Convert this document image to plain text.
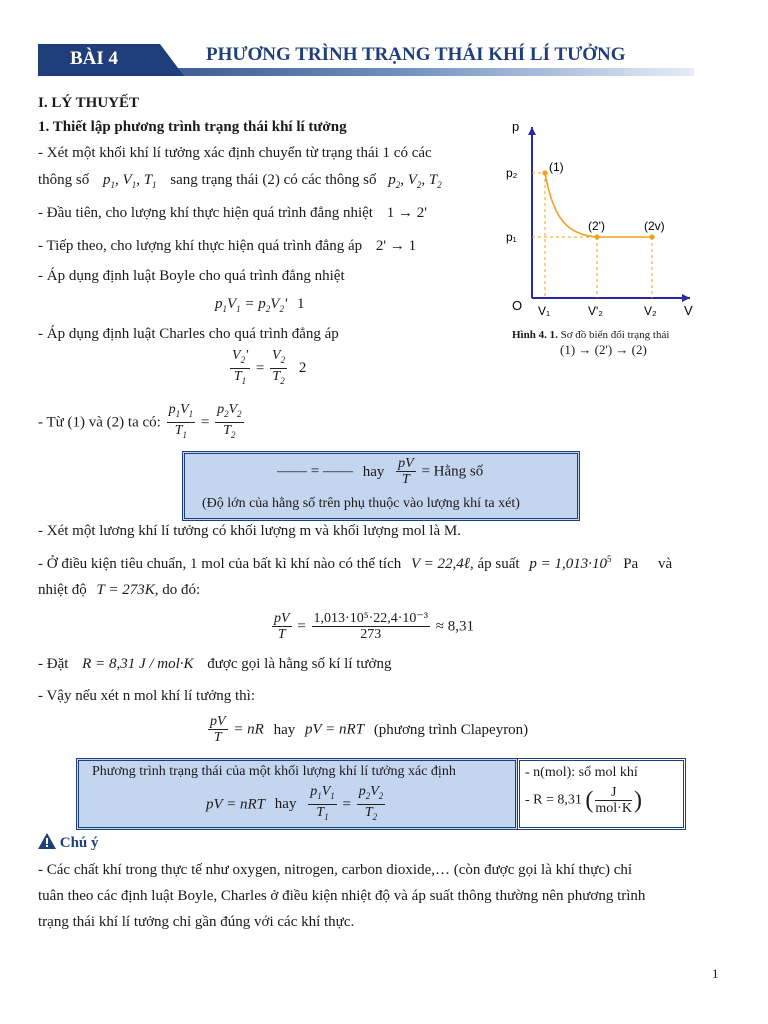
BÀI 4	PHƯƠNG TRÌNH TRẠNG THÁI KHÍ LÍ TƯỞNG
I. LÝ THUYẾT
1. Thiết lập phương trình trạng thái khí lí tưởng
- Xét một khối khí lí tưởng xác định chuyển từ trạng thái 1 có các
thông số $p_1$, $V_1$, $T_1$ sang trạng thái (2) có các thông số $p_2$, $V_2$, $T_2$
- Đầu tiên, cho lượng khí thực hiện quá trình đẳng nhiệt 1 → 2'
- Tiếp theo, cho lượng khí thực hiện quá trình đẳng áp 2' → 1
- Áp dụng định luật Boyle cho quá trình đẳng nhiệt
$p_1V_1 = p_2V_2'$ 1
- Áp dụng định luật Charles cho quá trình đẳng áp
$\frac{V_2'}{T_1} = \frac{V_2}{T_2} 2$
- Từ (1) và (2) ta có: $\frac{p_1V_1}{T_1} = \frac{p_2V_2}{T_2}$
—— = —— hay $\frac{pV}{T}$ = Hằng số
(Độ lớn của hằng số trên phụ thuộc vào lượng khí ta xét)
- Xét một lương khí lí tưởng có khối lượng m và khối lượng mol là M.
- Ở điều kiện tiêu chuẩn, 1 mol của bất kì khí nào có thể tích V = 22,4ℓ, áp suất $p = 1,013\cdot 10^5$ Pa và
nhiệt độ T = 273K, do đó:
$\frac{pV}{T} = \frac{\text{1,013·10⁵·22,4·10⁻³}}{273} \approx 8,31$
- Đặt R = 8,31 J / mol·K được gọi là hằng số kí lí tưởng
- Vậy nếu xét n mol khí lí tưởng thì:
$\frac{pV}{T}$ = nR hay pV = nRT (phương trình Clapeyron)
Phương trình trạng thái của một khối lượng khí lí tưởng xác định
pV = nRT hay $\frac{p_1V_1}{T_1} = \frac{p_2V_2}{T_2}$
- n(mol): số mol khí
- R = 8,31 ( $\frac{J}{\text{mol·K}}$ )
Chú ý
- Các chất khí trong thực tế như oxygen, nitrogen, carbon dioxide,… (còn được gọi là khí thực) chỉ
tuân theo các định luật Boyle, Charles ở điều kiện nhiệt độ và áp suất thông thường nên phương trình
trạng thái khí lí tưởng chỉ gần đúng với các khí thực.
1
p
V
O
p₂
p₁
V₁	V'₂	V₂
(1)
(2')	(2v)
Hình 4. 1. Sơ đồ biến đổi trạng thái
(1) → (2') → (2)
